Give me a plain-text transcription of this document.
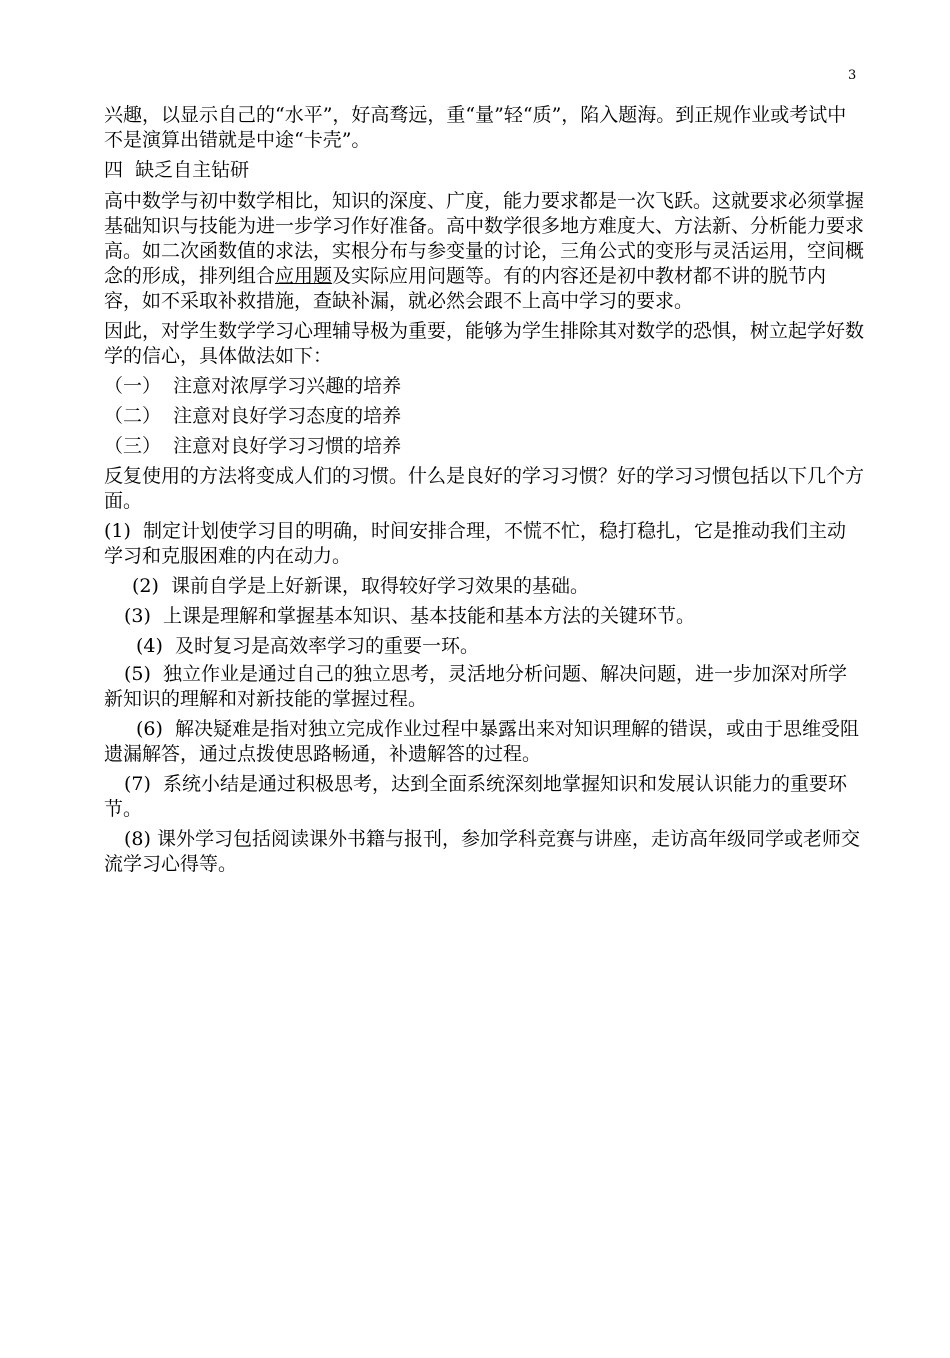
3

兴趣，以显示自己的“水平”，好高骛远，重“量”轻“质”，陷入题海。到正规作业或考试中不是演算出错就是中途“卡壳”。

四  缺乏自主钻研

高中数学与初中数学相比，知识的深度、广度，能力要求都是一次飞跃。这就要求必须掌握基础知识与技能为进一步学习作好准备。高中数学很多地方难度大、方法新、分析能力要求高。如二次函数值的求法，实根分布与参变量的讨论，三角公式的变形与灵活运用，空间概念的形成，排列组合应用题及实际应用问题等。有的内容还是初中教材都不讲的脱节内容，如不采取补救措施，查缺补漏，就必然会跟不上高中学习的要求。

因此，对学生数学学习心理辅导极为重要，能够为学生排除其对数学的恐惧，树立起学好数学的信心，具体做法如下：

（一）  注意对浓厚学习兴趣的培养

（二）  注意对良好学习态度的培养

（三）  注意对良好学习习惯的培养

反复使用的方法将变成人们的习惯。什么是良好的学习习惯？好的学习习惯包括以下几个方面。

(1)  制定计划使学习目的明确，时间安排合理，不慌不忙，稳打稳扎，它是推动我们主动学习和克服困难的内在动力。

(2)  课前自学是上好新课，取得较好学习效果的基础。

(3)  上课是理解和掌握基本知识、基本技能和基本方法的关键环节。

(4)  及时复习是高效率学习的重要一环。

(5)  独立作业是通过自己的独立思考，灵活地分析问题、解决问题，进一步加深对所学新知识的理解和对新技能的掌握过程。

(6)  解决疑难是指对独立完成作业过程中暴露出来对知识理解的错误，或由于思维受阻遗漏解答，通过点拨使思路畅通，补遗解答的过程。

(7)  系统小结是通过积极思考，达到全面系统深刻地掌握知识和发展认识能力的重要环节。

(8) 课外学习包括阅读课外书籍与报刊，参加学科竞赛与讲座，走访高年级同学或老师交流学习心得等。
